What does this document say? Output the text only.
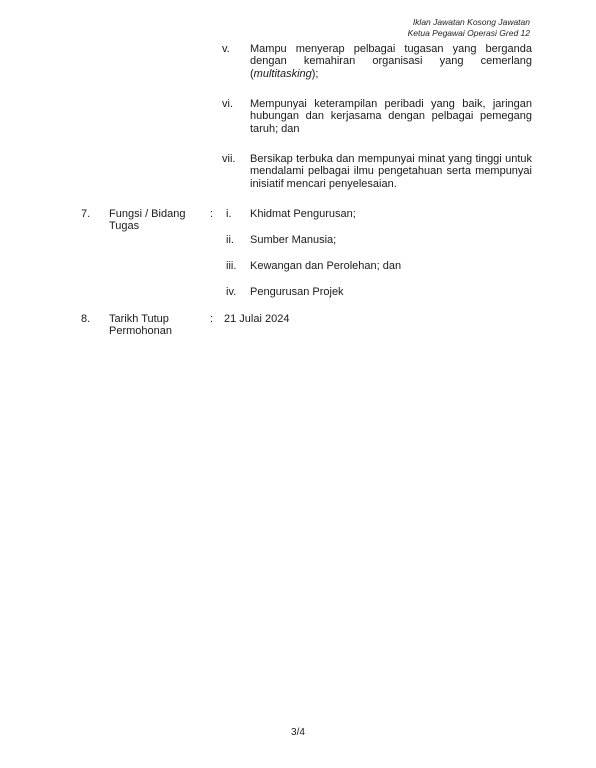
Iklan Jawatan Kosong Jawatan
Ketua Pegawai Operasi Gred 12
v.	Mampu menyerap pelbagai tugasan yang berganda dengan kemahiran organisasi yang cemerlang (multitasking);
vi.	Mempunyai keterampilan peribadi yang baik, jaringan hubungan dan kerjasama dengan pelbagai pemegang taruh; dan
vii.	Bersikap terbuka dan mempunyai minat yang tinggi untuk mendalami pelbagai ilmu pengetahuan serta mempunyai inisiatif mencari penyelesaian.
7. Fungsi / Bidang
Tugas
: i. Khidmat Pengurusan;
ii. Sumber Manusia;
iii. Kewangan dan Perolehan; dan
iv. Pengurusan Projek
8. Tarikh Tutup
Permohonan
: 21 Julai 2024
3/4
